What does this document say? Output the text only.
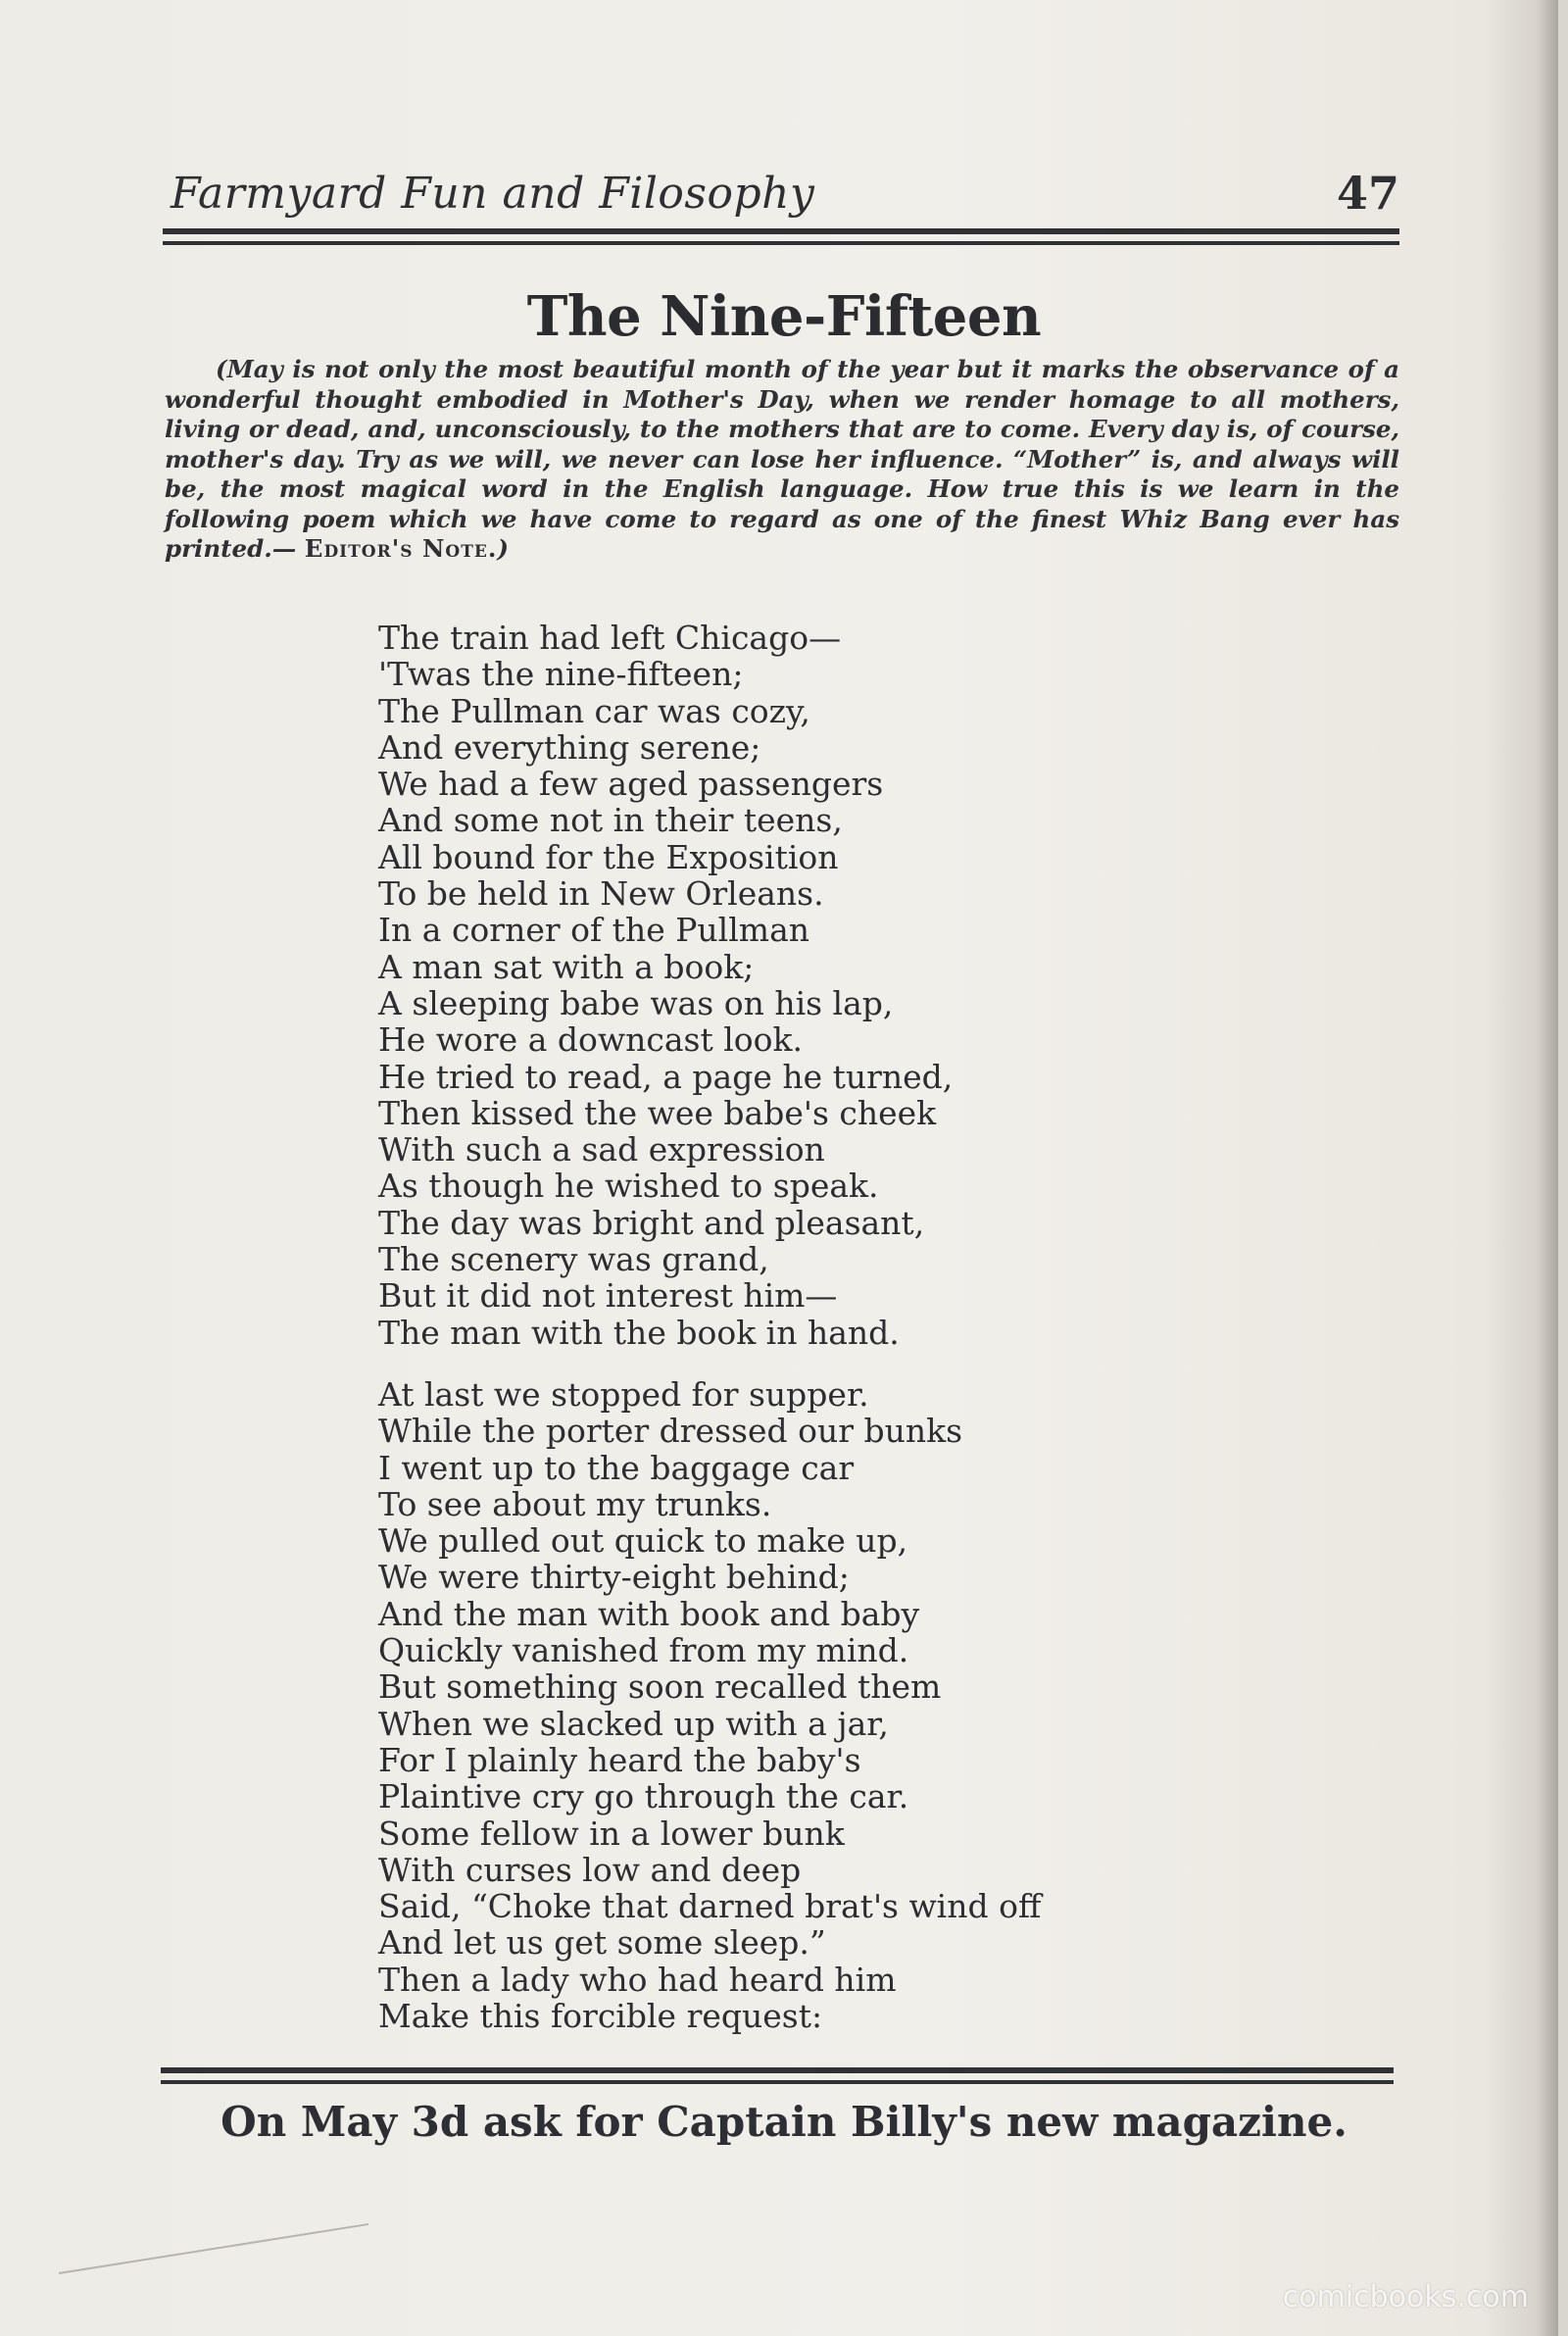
Farmyard Fun and Filosophy	47
The Nine-Fifteen
(May is not only the most beautiful month of the year but it marks the observance of a wonderful thought embodied in Mother's Day, when we render homage to all mothers, living or dead, and, unconsciously, to the mothers that are to come. Every day is, of course, mother's day. Try as we will, we never can lose her influence. “Mother” is, and always will be, the most magical word in the English language. How true this is we learn in the following poem which we have come to regard as one of the finest Whiz Bang ever has printed.— Editor's Note.)
The train had left Chicago—
'Twas the nine-fifteen;
The Pullman car was cozy,
And everything serene;
We had a few aged passengers
And some not in their teens,
All bound for the Exposition
To be held in New Orleans.
In a corner of the Pullman
A man sat with a book;
A sleeping babe was on his lap,
He wore a downcast look.
He tried to read, a page he turned,
Then kissed the wee babe's cheek
With such a sad expression
As though he wished to speak.
The day was bright and pleasant,
The scenery was grand,
But it did not interest him—
The man with the book in hand.
At last we stopped for supper.
While the porter dressed our bunks
I went up to the baggage car
To see about my trunks.
We pulled out quick to make up,
We were thirty-eight behind;
And the man with book and baby
Quickly vanished from my mind.
But something soon recalled them
When we slacked up with a jar,
For I plainly heard the baby's
Plaintive cry go through the car.
Some fellow in a lower bunk
With curses low and deep
Said, “Choke that darned brat's wind off
And let us get some sleep.”
Then a lady who had heard him
Make this forcible request:
On May 3d ask for Captain Billy's new magazine.
comicbooks.com
